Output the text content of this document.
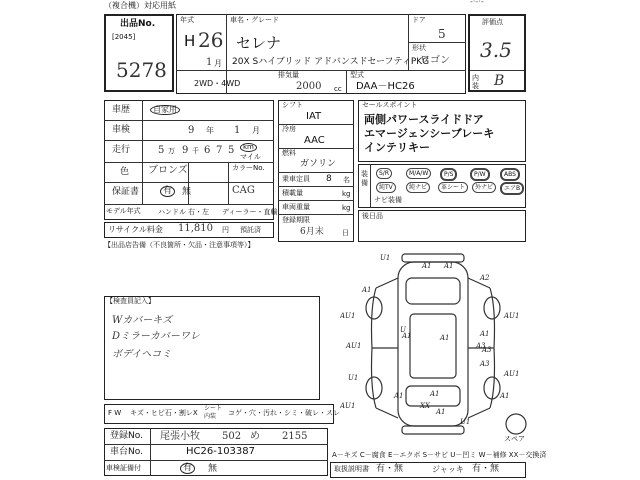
（複合機）対応用紙	-·-·-
出品No.
[2045]
5278
年式
H 26
1 月
車名・グレード
セレナ
20X Sハイブリッド アドバンスドセーフティPKG
2WD・4WD
排気量
2000 cc
型式
DAA－HC26
ドア
5
形状
ワゴン
評価点
3.5
内装 B
車歴	自家用
車検	9 年 1 月
走行	5 万 9 千 6 7 5	km
マイル
色 ブロンズ	カラーNo.
保証書	有	無	CAG
モデル年式 ハンドル 右・左 ディーラー・直輸
リサイクル料金 11,810 円 預託済
【出品店告備（不良箇所・欠品・注意事項等）】
シフト
IAT
冷房
AAC
燃料
ガソリン
乗車定員 8 名
積載量	kg
車両重量	kg
登録期限
6月末	日
セールスポイント
両側パワースライドドア
エマージェンシーブレーキ
インテリキー
装備
S/R	M/A/W	P/S	P/W	ABS
純TV	純ナビ	革シート	外ナビ	エアB
ナビ装備
後日品
【検査員記入】
Wカバーキズ
Dミラーカバーワレ
ボデイヘコミ
F W キズ・ヒビ石・割レX
シート
内装 コゲ・穴・汚れ・シミ・破レ・スレ
登録No. 尾張小牧 502 め 2155
車台No.	HC26-103387
車検証備付	有	無
A－キズ C－腐食 E－エクボ S－サビ U－凹ミ W－補修 XX－交換済
取扱説明書 有・無	ジャッキ 有・無
スペア
U1
A1 A1
A2
A1
AU1	AU1
A1
AU1	A3
A1
A1
A3
U
AU1
U1
A1	A1
XX
A1
AU1
A1
U1
A3
